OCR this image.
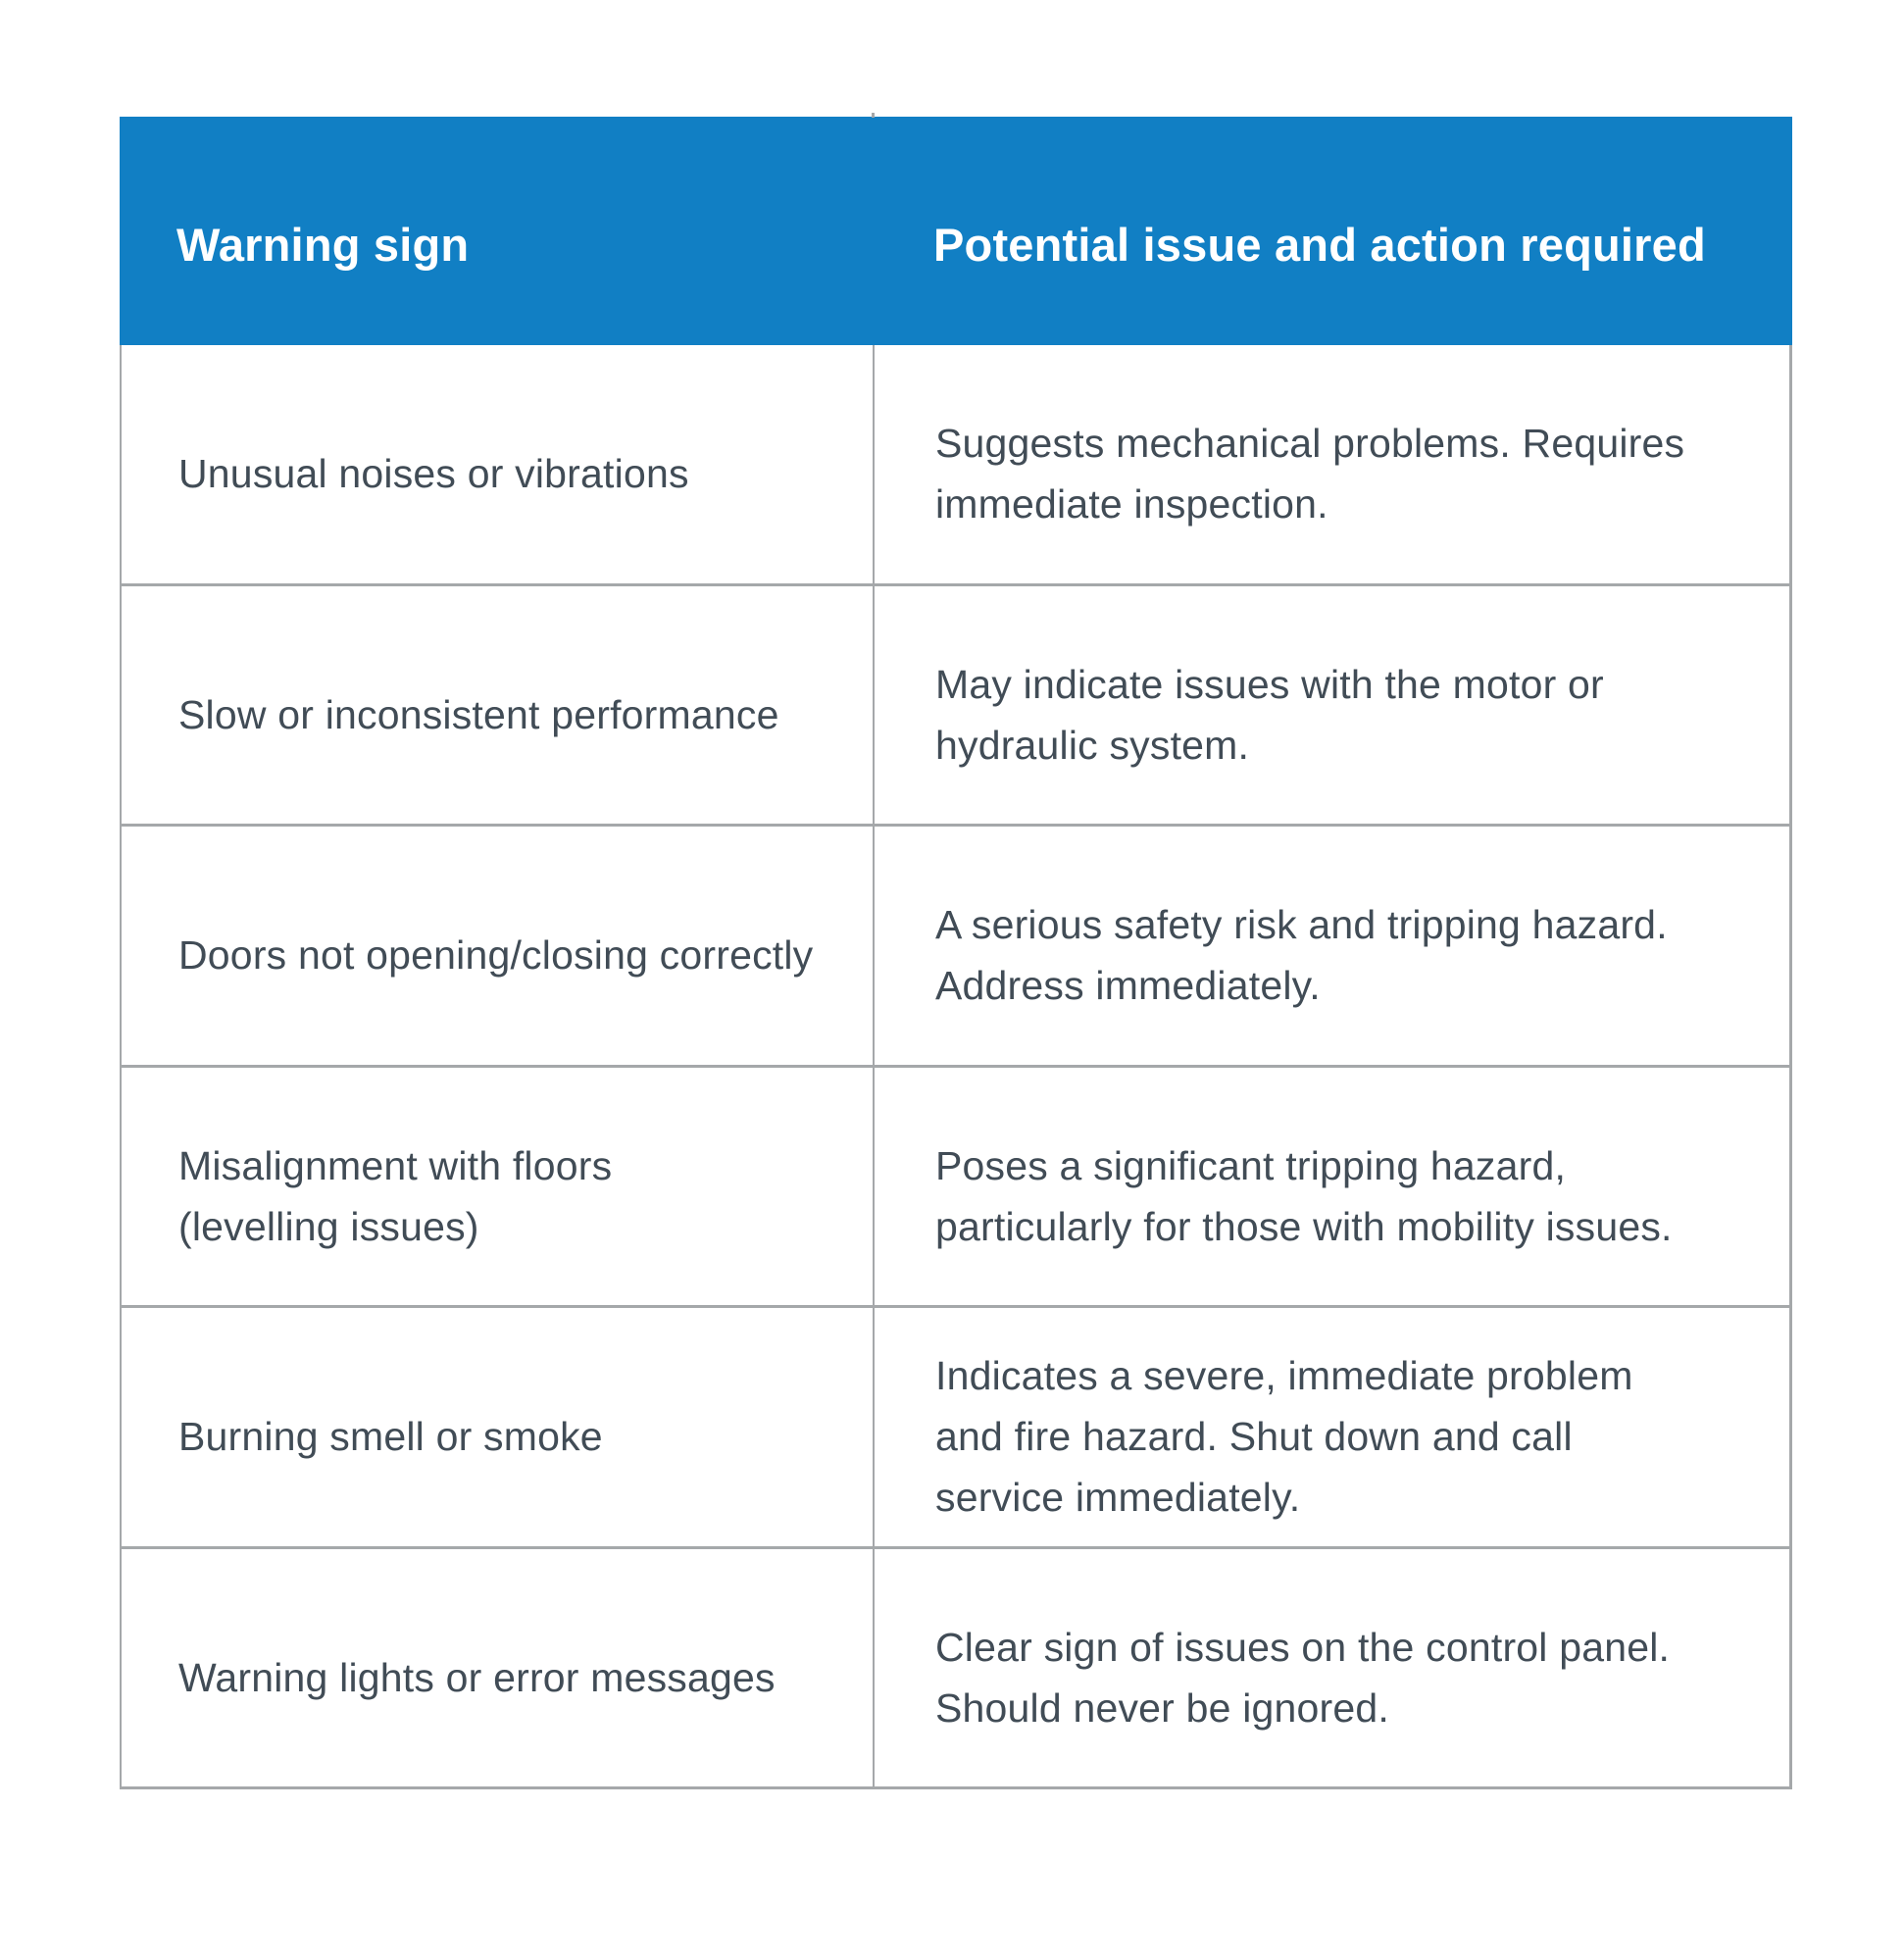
Warning sign	Potential issue and action required
Unusual noises or vibrations
Suggests mechanical problems. Requires
immediate inspection.
Slow or inconsistent performance
May indicate issues with the motor or
hydraulic system.
Doors not opening/closing correctly
A serious safety risk and tripping hazard.
Address immediately.
Misalignment with floors
(levelling issues)
Poses a significant tripping hazard,
particularly for those with mobility issues.
Burning smell or smoke
Indicates a severe, immediate problem
and fire hazard. Shut down and call
service immediately.
Warning lights or error messages
Clear sign of issues on the control panel.
Should never be ignored.
